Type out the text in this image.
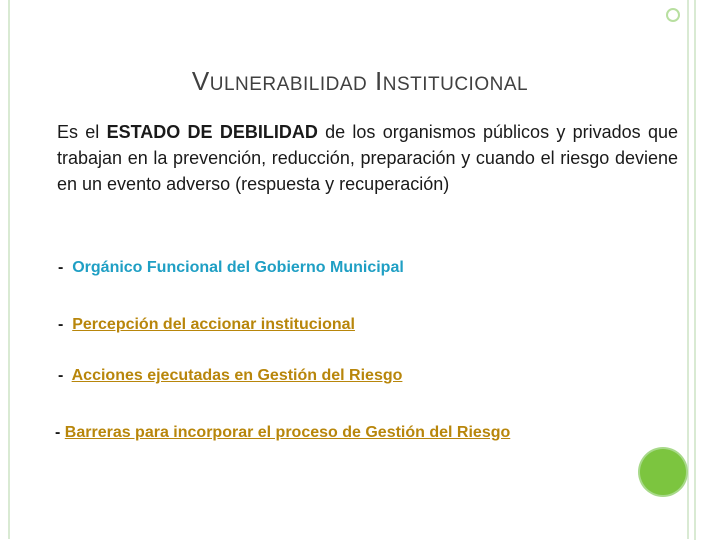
VULNERABILIDAD INSTITUCIONAL
Es el ESTADO DE DEBILIDAD de los organismos públicos y privados que trabajan en la prevención, reducción, preparación y cuando el riesgo deviene en un evento adverso (respuesta y recuperación)
- Orgánico Funcional del Gobierno Municipal
- Percepción del accionar institucional
- Acciones ejecutadas en Gestión del Riesgo
- Barreras para incorporar el proceso de Gestión del Riesgo
